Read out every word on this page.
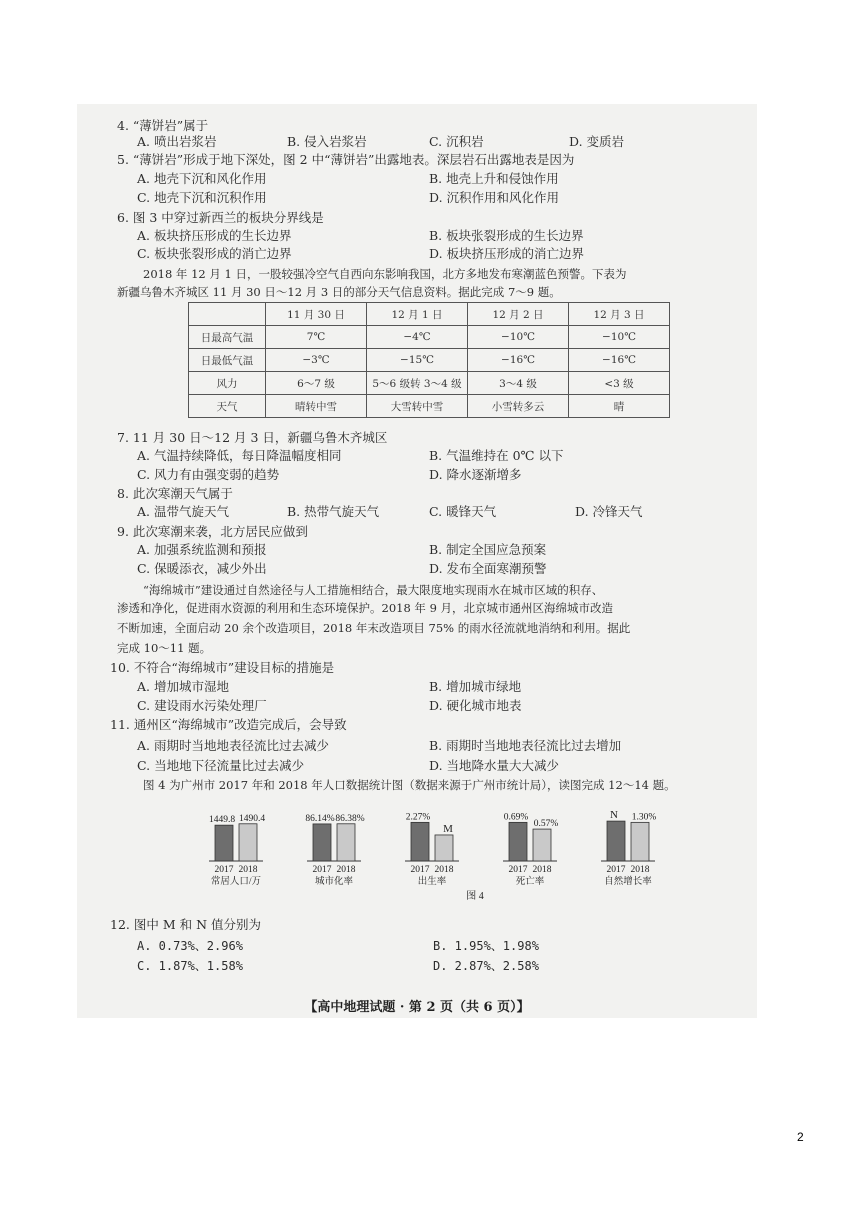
4. “薄饼岩”属于
A. 喷出岩浆岩	B. 侵入岩浆岩	C. 沉积岩	D. 变质岩
5. “薄饼岩”形成于地下深处，图 2 中“薄饼岩”出露地表。深层岩石出露地表是因为
A. 地壳下沉和风化作用	B. 地壳上升和侵蚀作用
C. 地壳下沉和沉积作用	D. 沉积作用和风化作用
6. 图 3 中穿过新西兰的板块分界线是
A. 板块挤压形成的生长边界	B. 板块张裂形成的生长边界
C. 板块张裂形成的消亡边界	D. 板块挤压形成的消亡边界
2018 年 12 月 1 日，一股较强冷空气自西向东影响我国，北方多地发布寒潮蓝色预警。下表为
新疆乌鲁木齐城区 11 月 30 日～12 月 3 日的部分天气信息资料。据此完成 7～9 题。
	11 月 30 日	12 月 1 日	12 月 2 日	12 月 3 日
日最高气温	7℃	−4℃	−10℃	−10℃
日最低气温	−3℃	−15℃	−16℃	−16℃
风力	6～7 级	5～6 级转 3～4 级	3～4 级	<3 级
天气	晴转中雪	大雪转中雪	小雪转多云	晴
7. 11 月 30 日～12 月 3 日，新疆乌鲁木齐城区
A. 气温持续降低，每日降温幅度相同	B. 气温维持在 0℃ 以下
C. 风力有由强变弱的趋势	D. 降水逐渐增多
8. 此次寒潮天气属于
A. 温带气旋天气	B. 热带气旋天气	C. 暖锋天气	D. 冷锋天气
9. 此次寒潮来袭，北方居民应做到
A. 加强系统监测和预报	B. 制定全国应急预案
C. 保暖添衣，减少外出	D. 发布全面寒潮预警
“海绵城市”建设通过自然途径与人工措施相结合，最大限度地实现雨水在城市区域的积存、
渗透和净化，促进雨水资源的利用和生态环境保护。2018 年 9 月，北京城市通州区海绵城市改造
不断加速，全面启动 20 余个改造项目，2018 年末改造项目 75% 的雨水径流就地消纳和利用。据此
完成 10～11 题。
10. 不符合“海绵城市”建设目标的措施是
A. 增加城市湿地	B. 增加城市绿地
C. 建设雨水污染处理厂	D. 硬化城市地表
11. 通州区“海绵城市”改造完成后，会导致
A. 雨期时当地地表径流比过去减少	B. 雨期时当地地表径流比过去增加
C. 当地地下径流量比过去减少	D. 当地降水量大大减少
图 4 为广州市 2017 年和 2018 年人口数据统计图（数据来源于广州市统计局），读图完成 12～14 题。
1449.8
2017
1490.4
2018
常居人口/万
86.14%
2017
86.38%
2018
城市化率
2.27%
2017
M
2018
出生率
0.69%
2017
0.57%
2018
死亡率
N
2017
1.30%
2018
自然增长率
图 4
12. 图中 M 和 N 值分别为
A. 0.73%、2.96%	B. 1.95%、1.98%
C. 1.87%、1.58%	D. 2.87%、2.58%
【高中地理试题 · 第 2 页（共 6 页）】
2
